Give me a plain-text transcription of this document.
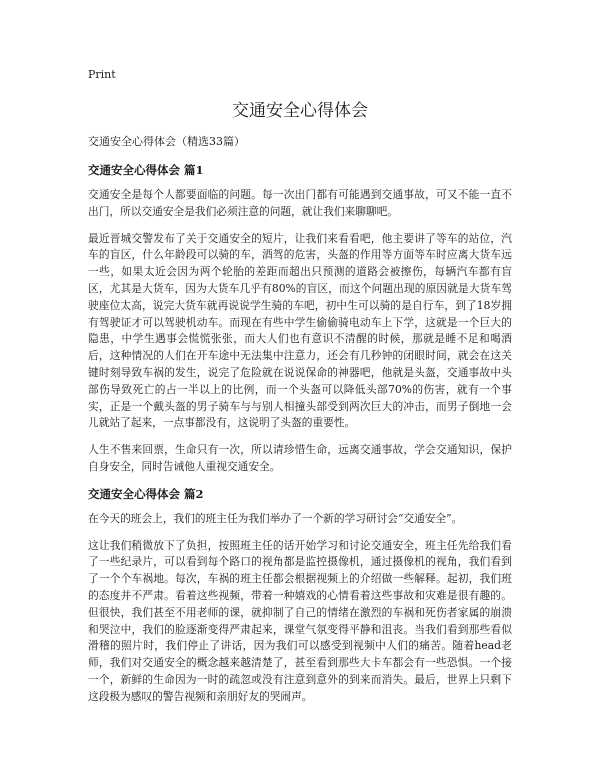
Print
交通安全心得体会
交通安全心得体会（精选33篇）
交通安全心得体会 篇1

交通安全是每个人都要面临的问题。每一次出门都有可能遇到交通事故，可又不能一直不出门，所以交通安全是我们必须注意的问题，就让我们来聊聊吧。

最近晋城交警发布了关于交通安全的短片，让我们来看看吧，他主要讲了等车的站位，汽车的盲区，什么年龄段可以骑的车，酒驾的危害，头盔的作用等方面等车时应离大货车远一些，如果太近会因为两个轮胎的差距而超出只预测的道路会被擦伤，每辆汽车都有盲区，尤其是大货车，因为大货车几乎有80%的盲区，而这个问题出现的原因就是大货车驾驶座位太高，说完大货车就再说说学生骑的车吧，初中生可以骑的是自行车，到了18岁拥有驾驶证才可以驾驶机动车。而现在有些中学生偷偷骑电动车上下学，这就是一个巨大的隐患，中学生遇事会慌慌张张，而大人们也有意识不清醒的时候，那就是睡不足和喝酒后，这种情况的人们在开车途中无法集中注意力，还会有几秒钟的闭眼时间，就会在这关键时刻导致车祸的发生，说完了危险就在说说保命的神器吧，他就是头盔，交通事故中头部伤导致死亡的占一半以上的比例，而一个头盔可以降低头部70%的伤害，就有一个事实，正是一个戴头盔的男子骑车与与别人相撞头部受到两次巨大的冲击，而男子倒地一会儿就站了起来，一点事都没有，这说明了头盔的重要性。

人生不售来回票，生命只有一次，所以请珍惜生命，远离交通事故，学会交通知识，保护自身安全，同时告诫他人重视交通安全。

交通安全心得体会 篇2

在今天的班会上，我们的班主任为我们举办了一个新的学习研讨会“交通安全”。

这让我们稍微放下了负担，按照班主任的话开始学习和讨论交通安全，班主任先给我们看了一些纪录片，可以看到每个路口的视角都是监控摄像机，通过摄像机的视角，我们看到了一个个车祸地。每次，车祸的班主任都会根据视频上的介绍做一些解释。起初，我们班的态度并不严肃。看着这些视频，带着一种嬉戏的心情看着这些事故和灾难是很有趣的。但很快，我们甚至不用老师的课，就抑制了自己的情绪在激烈的车祸和死伤者家属的崩溃和哭泣中，我们的脸逐渐变得严肃起来，课堂气氛变得平静和沮丧。当我们看到那些看似滑稽的照片时，我们停止了讲话，因为我们可以感受到视频中人们的痛苦。随着head老师，我们对交通安全的概念越来越清楚了，甚至看到那些大卡车都会有一些恐惧。一个接一个，新鲜的生命因为一时的疏忽或没有注意到意外的到来而消失。最后，世界上只剩下这段极为感叹的警告视频和亲朋好友的哭闹声。
